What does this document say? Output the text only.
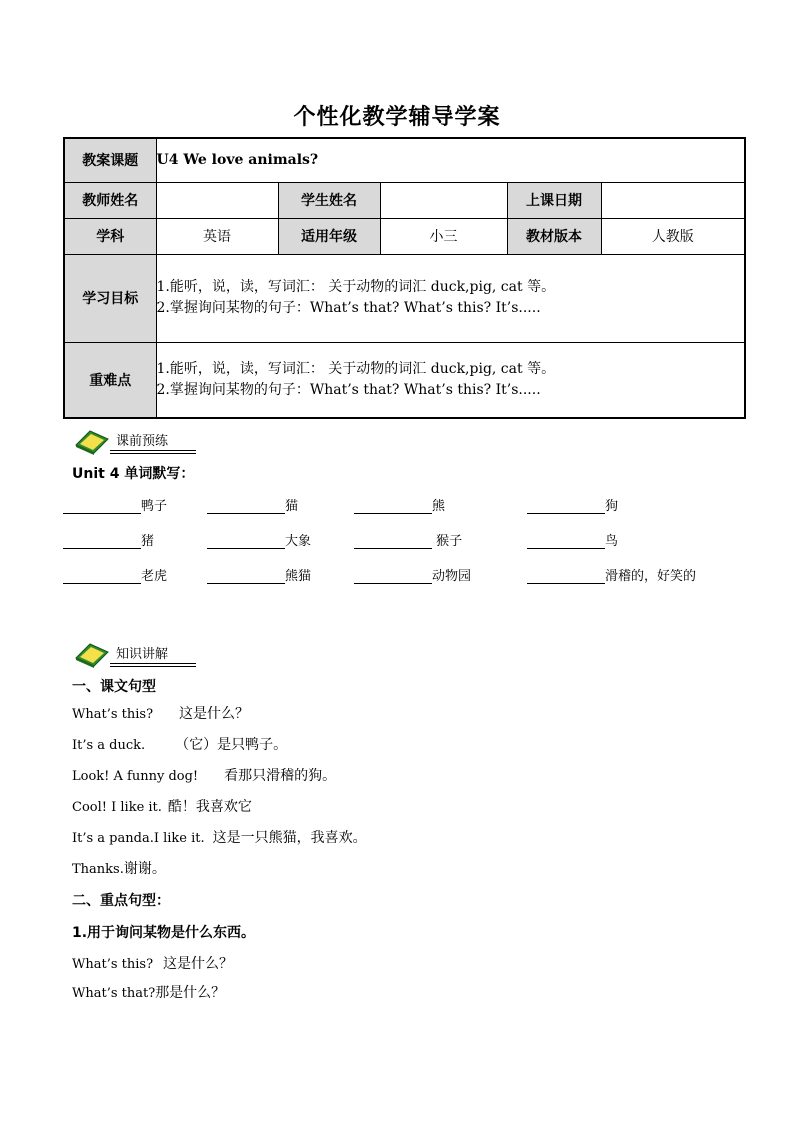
个性化教学辅导学案
教案课题	U4 We love animals?				
教师姓名		学生姓名		上课日期	
学科	英语	适用年级	小三	教材版本	人教版
学习目标	1.能听，说，读，写词汇： 关于动物的词汇 duck,pig, cat 等。
2.掌握询问某物的句子：What’s that? What’s this? It’s.....				

重难点	1.能听，说，读，写词汇： 关于动物的词汇 duck,pig, cat 等。
2.掌握询问某物的句子：What’s that? What’s this? It’s.....				
课前预练
Unit 4 单词默写：
鸭子	猫	熊	狗
猪	大象	猴子	鸟
老虎	熊猫	动物园	滑稽的，好笑的
知识讲解
一、课文句型
What’s this? 这是什么？
It’s a duck. （它）是只鸭子。
Look! A funny dog! 看那只滑稽的狗。
Cool! I like it. 酷！我喜欢它
It’s a panda.I like it. 这是一只熊猫，我喜欢。
Thanks.谢谢。
二、重点句型：
1.用于询问某物是什么东西。
What’s this? 这是什么？
What’s that?那是什么？
